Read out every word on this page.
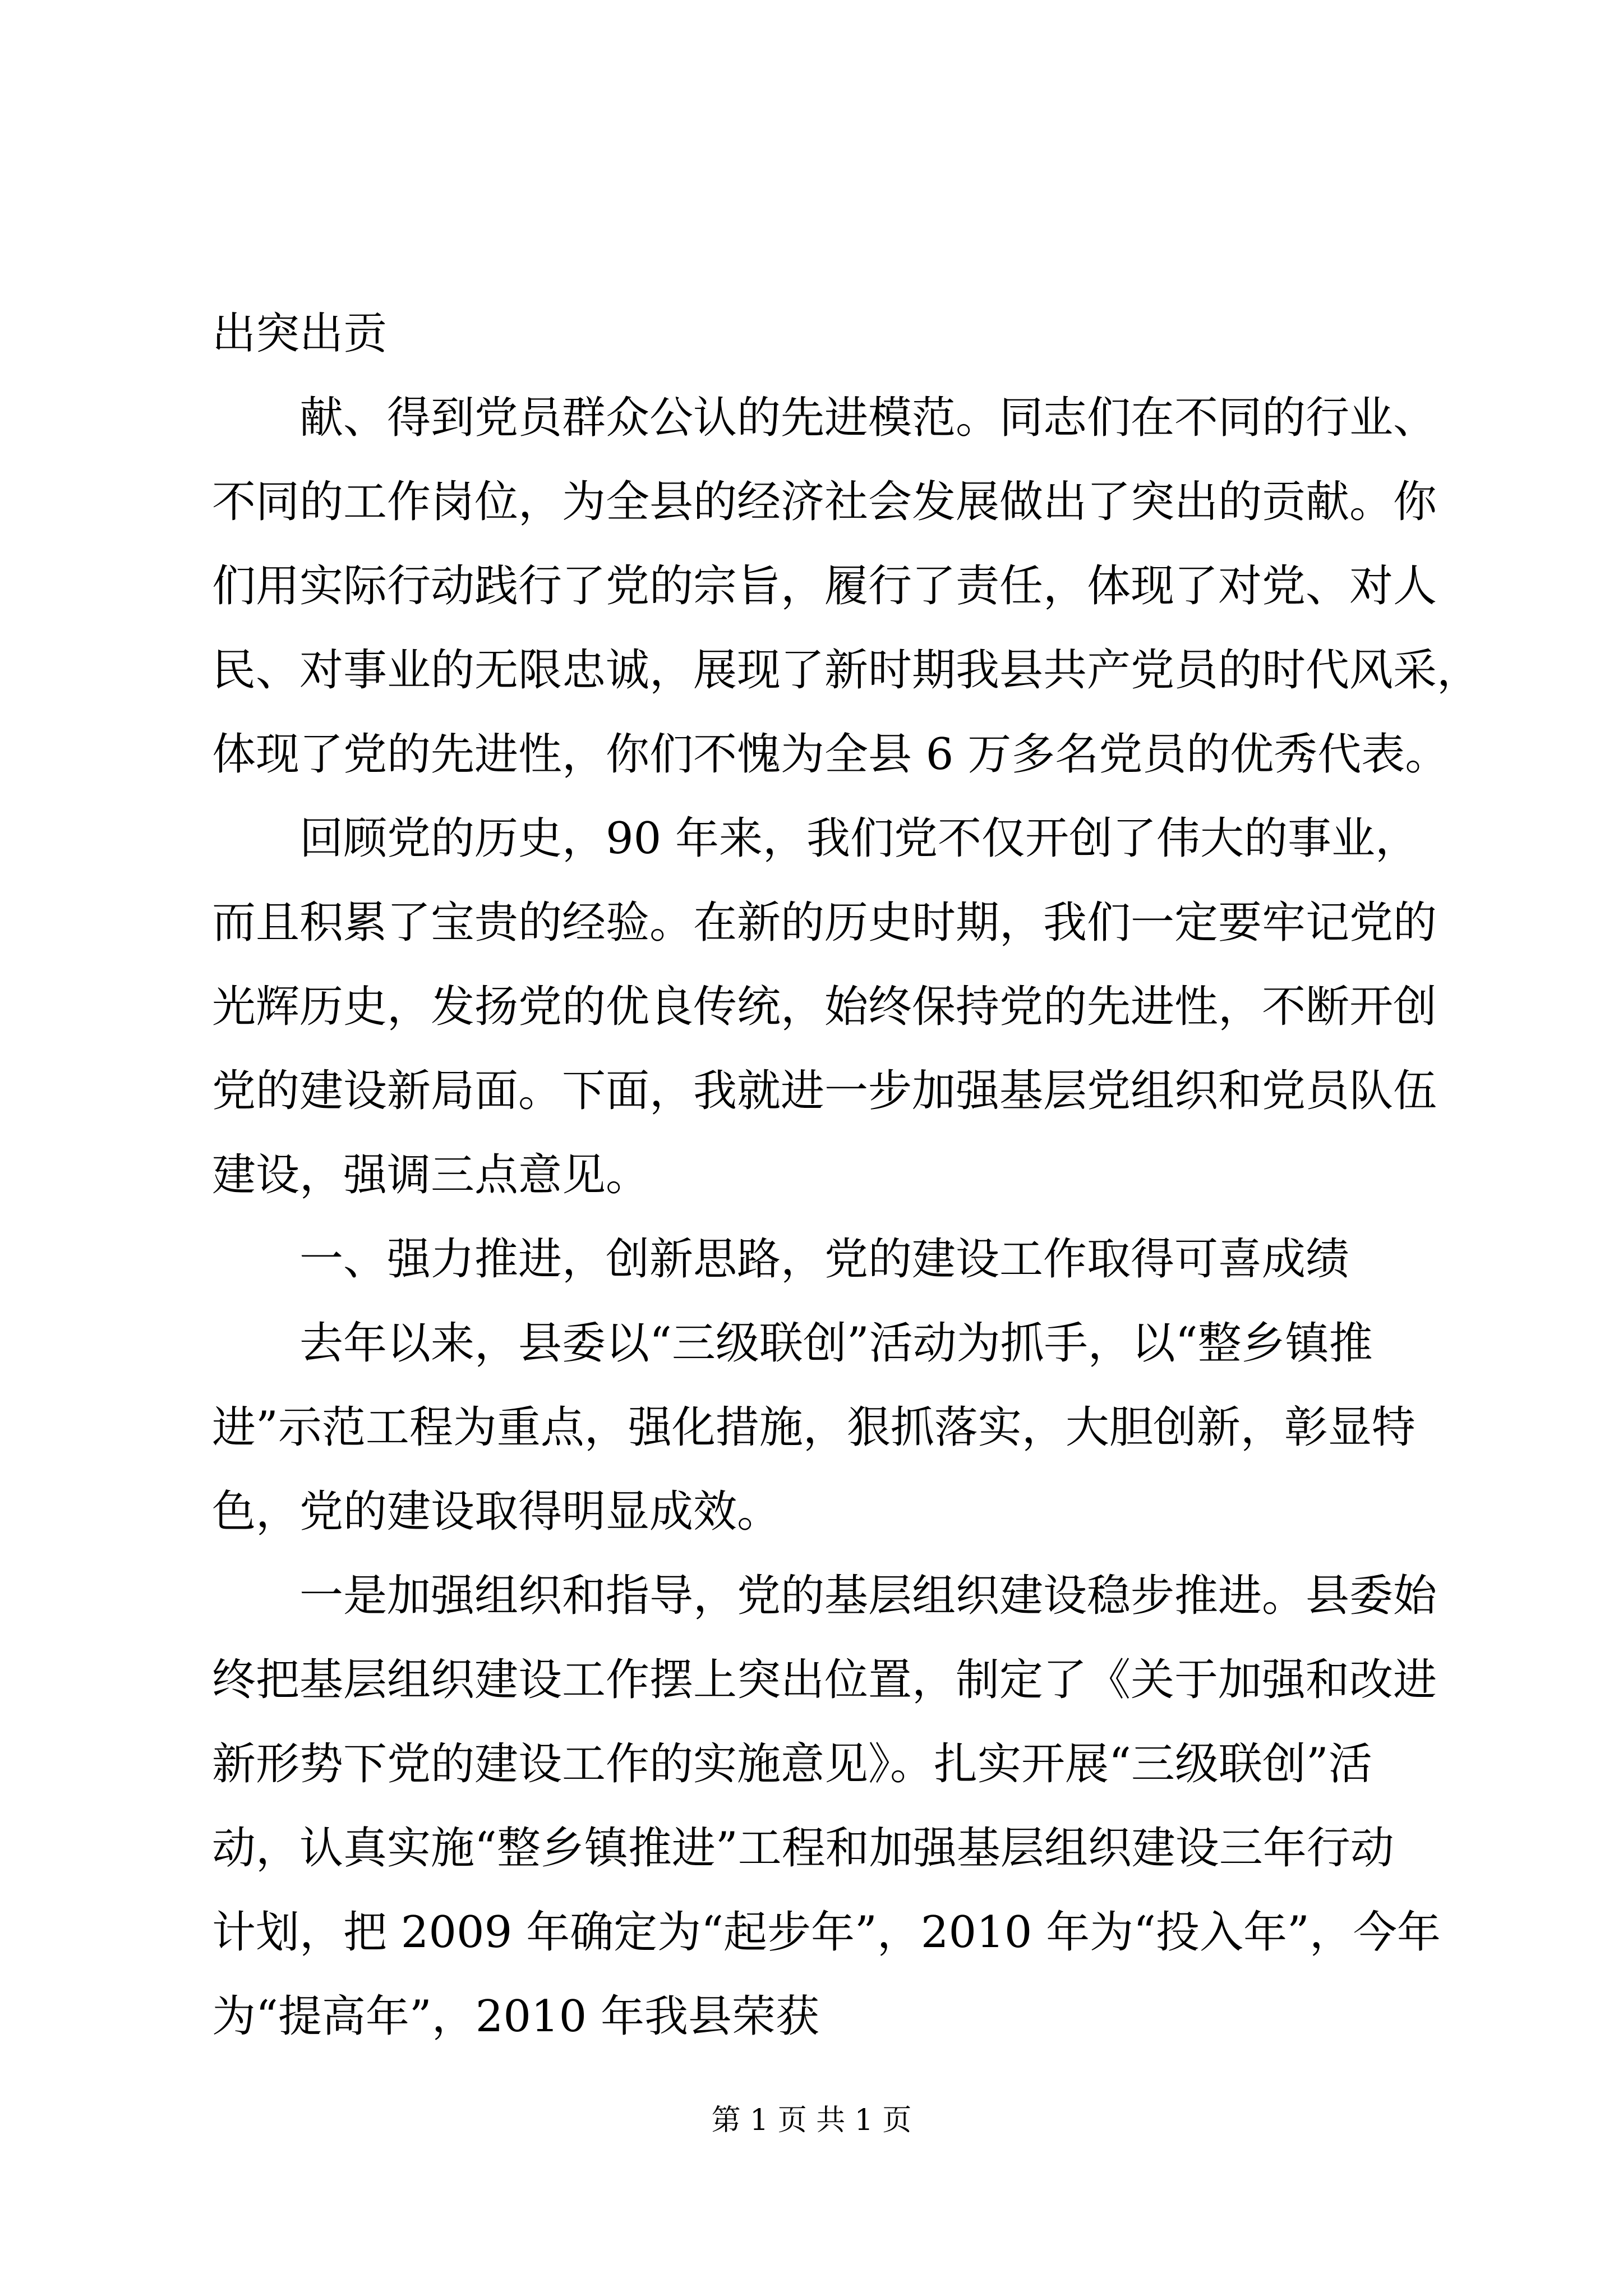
出突出贡
献、得到党员群众公认的先进模范。同志们在不同的行业、
不同的工作岗位，为全县的经济社会发展做出了突出的贡献。你
们用实际行动践行了党的宗旨，履行了责任，体现了对党、对人
民、对事业的无限忠诚，展现了新时期我县共产党员的时代风采，
体现了党的先进性，你们不愧为全县 6 万多名党员的优秀代表。
回顾党的历史，90 年来，我们党不仅开创了伟大的事业，
而且积累了宝贵的经验。在新的历史时期，我们一定要牢记党的
光辉历史，发扬党的优良传统，始终保持党的先进性，不断开创
党的建设新局面。下面，我就进一步加强基层党组织和党员队伍
建设，强调三点意见。
一、强力推进，创新思路，党的建设工作取得可喜成绩
去年以来，县委以“三级联创”活动为抓手，以“整乡镇推
进”示范工程为重点，强化措施，狠抓落实，大胆创新，彰显特
色，党的建设取得明显成效。
一是加强组织和指导，党的基层组织建设稳步推进。县委始
终把基层组织建设工作摆上突出位置，制定了《关于加强和改进
新形势下党的建设工作的实施意见》。扎实开展“三级联创”活
动，认真实施“整乡镇推进”工程和加强基层组织建设三年行动
计划，把 2009 年确定为“起步年”，2010 年为“投入年”，今年
为“提高年”，2010 年我县荣获
第 1 页 共 1 页
